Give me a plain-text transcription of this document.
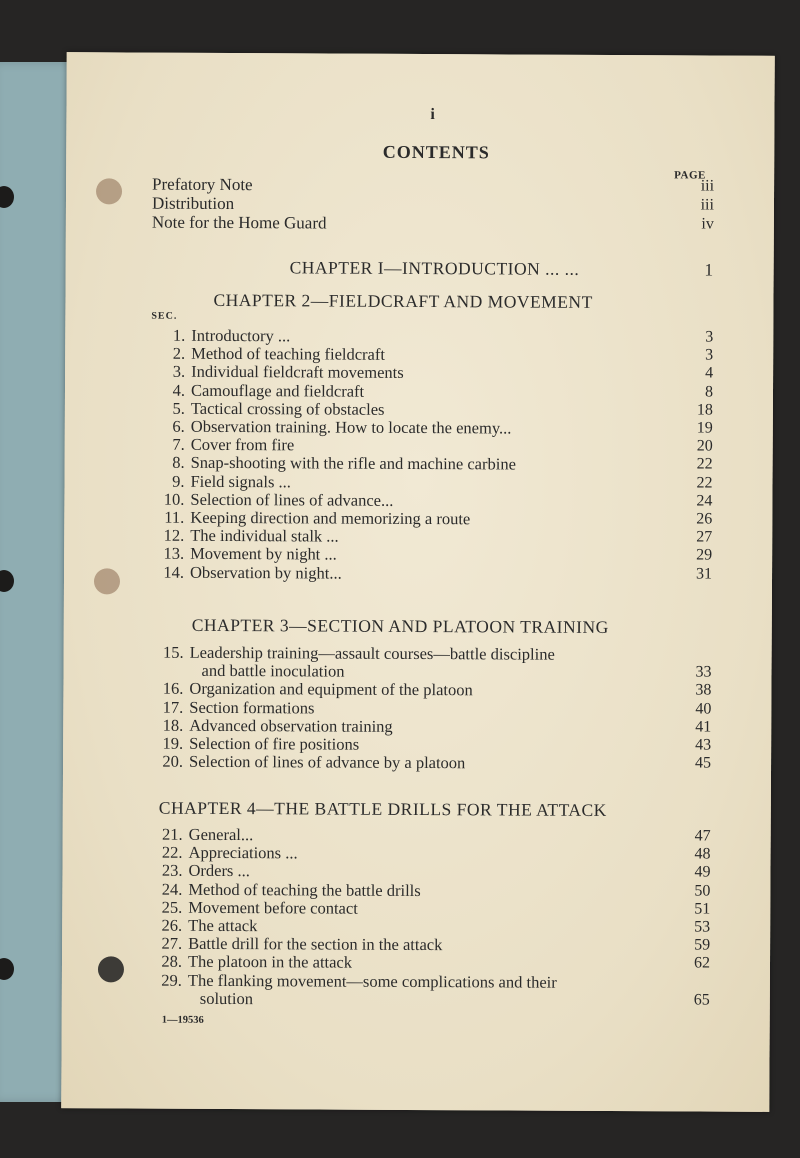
i
CONTENTS
PAGE
Prefatory Note	iii
Distribution	iii
Note for the Home Guard	iv
CHAPTER I—INTRODUCTION ... ...	1
CHAPTER 2—FIELDCRAFT AND MOVEMENT
SEC.
1. Introductory ...	3
2. Method of teaching fieldcraft	3
3. Individual fieldcraft movements	4
4. Camouflage and fieldcraft	8
5. Tactical crossing of obstacles	18
6. Observation training. How to locate the enemy...	19
7. Cover from fire	20
8. Snap-shooting with the rifle and machine carbine	22
9. Field signals ...	22
10. Selection of lines of advance...	24
11. Keeping direction and memorizing a route	26
12. The individual stalk ...	27
13. Movement by night ...	29
14. Observation by night...	31
CHAPTER 3—SECTION AND PLATOON TRAINING
15. Leadership training—assault courses—battle discipline
and battle inoculation	33
16. Organization and equipment of the platoon	38
17. Section formations	40
18. Advanced observation training	41
19. Selection of fire positions	43
20. Selection of lines of advance by a platoon	45
CHAPTER 4—THE BATTLE DRILLS FOR THE ATTACK
21. General...	47
22. Appreciations ...	48
23. Orders ...	49
24. Method of teaching the battle drills	50
25. Movement before contact	51
26. The attack	53
27. Battle drill for the section in the attack	59
28. The platoon in the attack	62
29. The flanking movement—some complications and their
solution	65
1—19536
